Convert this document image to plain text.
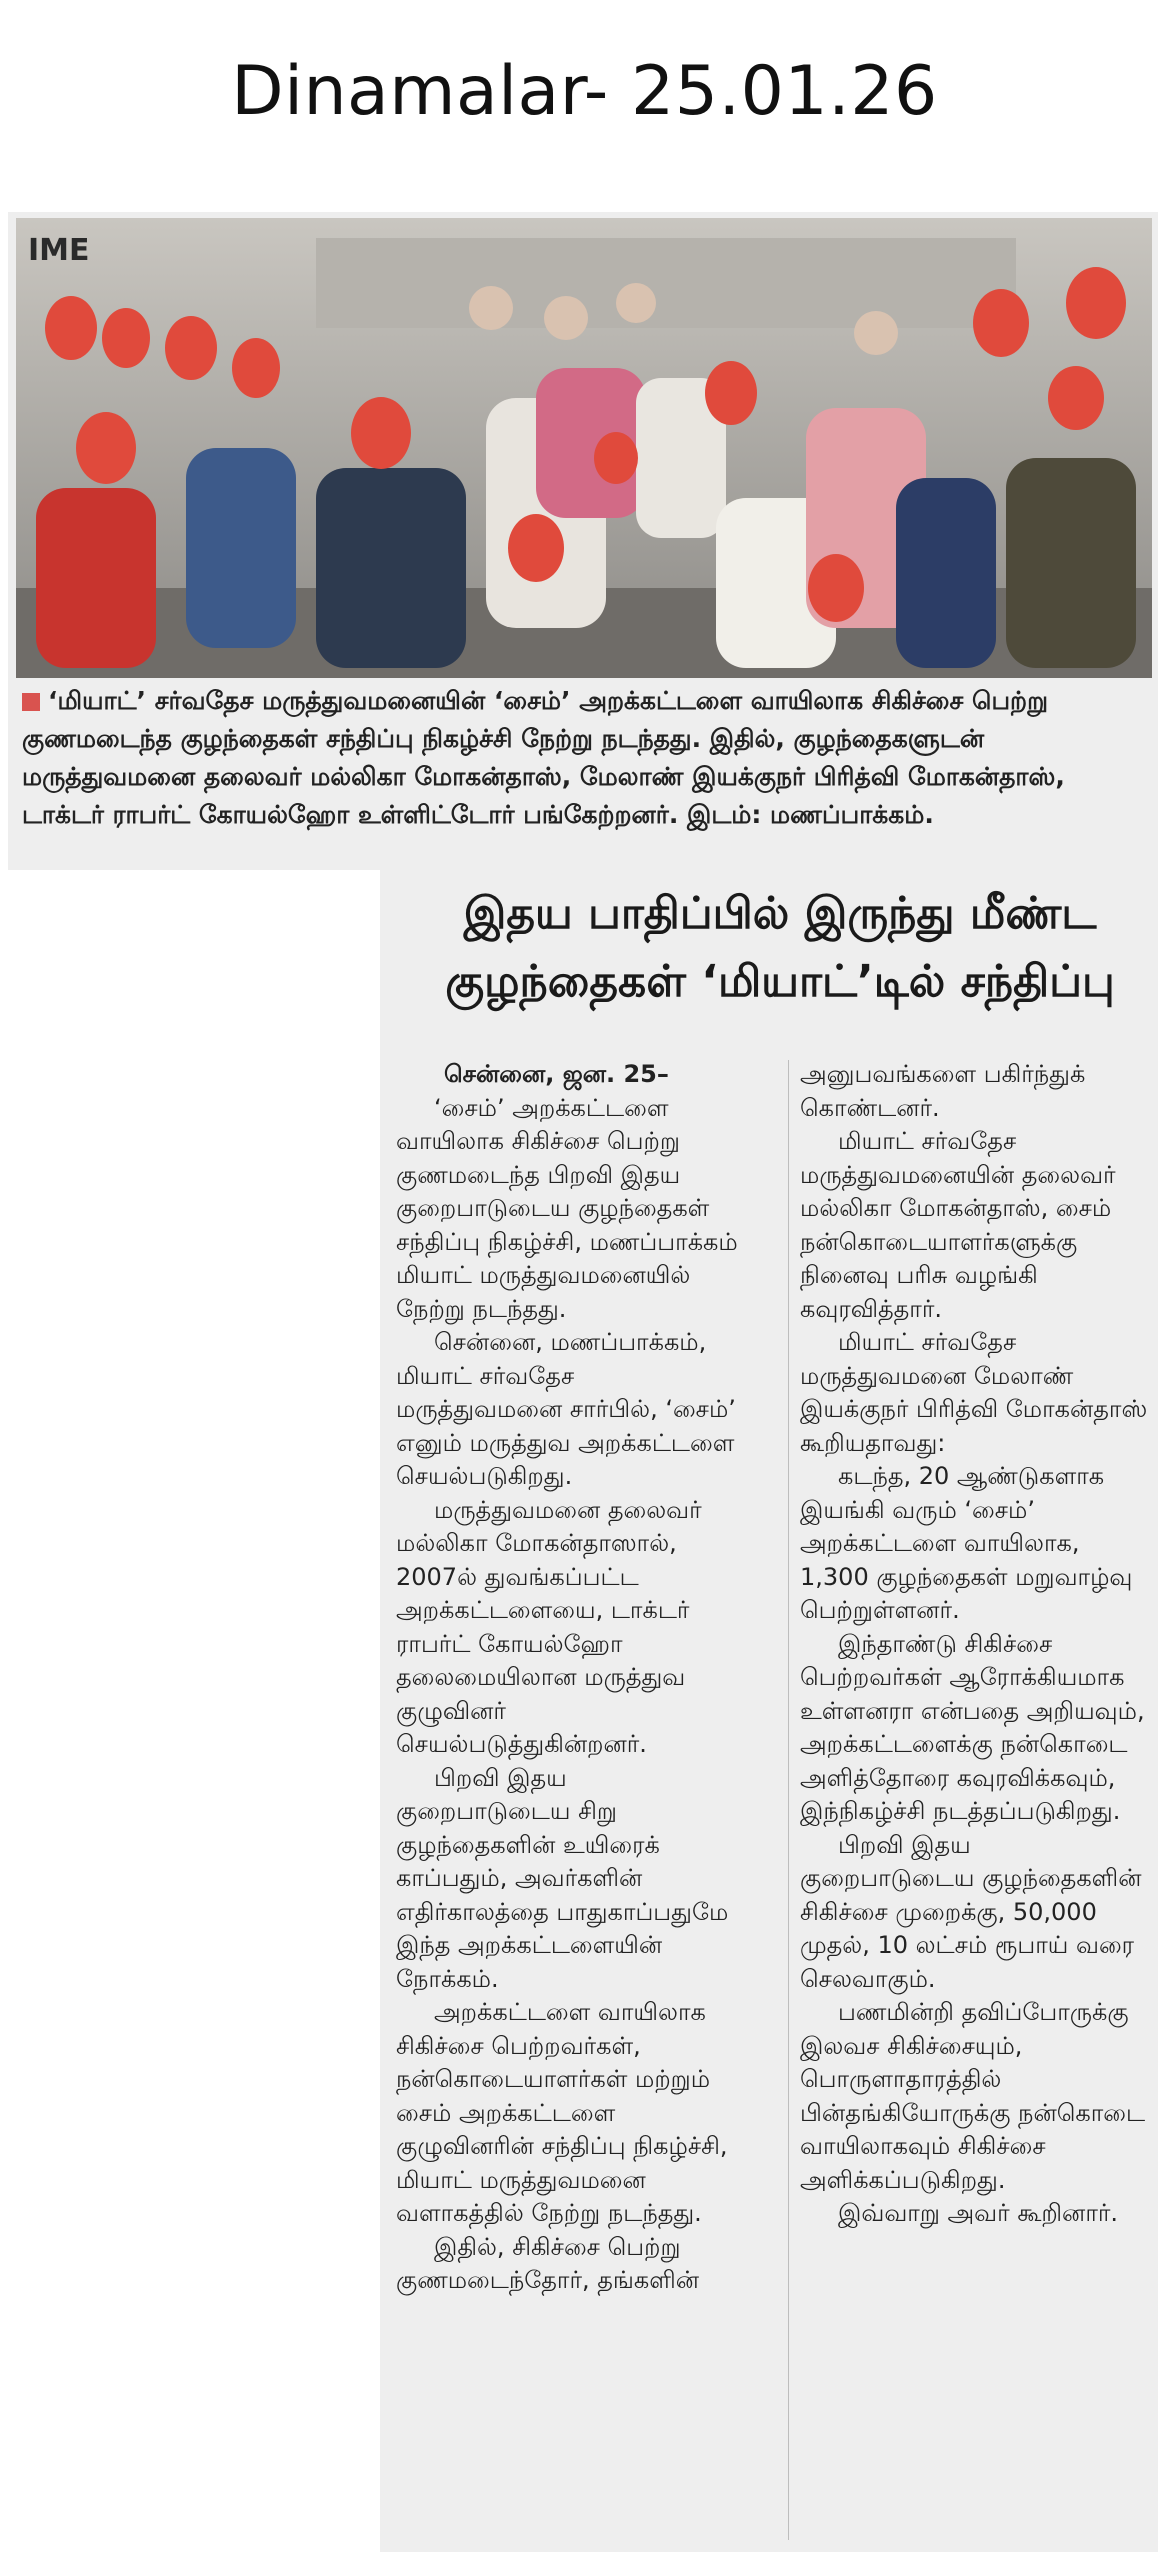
Dinamalar- 25.01.26
IME
‘மியாட்’ சர்வதேச மருத்துவமனையின் ‘சைம்’ அறக்கட்டளை வாயிலாக சிகிச்சை பெற்று குணமடைந்த குழந்தைகள் சந்திப்பு நிகழ்ச்சி நேற்று நடந்தது. இதில், குழந்தைகளுடன் மருத்துவமனை தலைவர் மல்லிகா மோகன்தாஸ், மேலாண் இயக்குநர் பிரித்வி மோகன்தாஸ், டாக்டர் ராபர்ட் கோயல்ஹோ உள்ளிட்டோர் பங்கேற்றனர். இடம்: மணப்பாக்கம்.
இதய பாதிப்பில் இருந்து மீண்ட
குழந்தைகள் ‘மியாட்’டில் சந்திப்பு
சென்னை, ஜன. 25–

‘சைம்’ அறக்கட்டளை வாயிலாக சிகிச்சை பெற்று குணமடைந்த பிறவி இதய குறைபாடுடைய குழந்தைகள் சந்திப்பு நிகழ்ச்சி, மணப்பாக்கம் மியாட் மருத்துவமனையில் நேற்று நடந்தது.

சென்னை, மணப்பாக்கம், மியாட் சர்வதேச மருத்துவமனை சார்பில், ‘சைம்’ எனும் மருத்துவ அறக்கட்டளை செயல்படுகிறது.

மருத்துவமனை தலைவர் மல்லிகா மோகன்தாஸால், 2007ல் துவங்கப்பட்ட அறக்கட்டளையை, டாக்டர் ராபர்ட் கோயல்ஹோ தலைமையிலான மருத்துவ குழுவினர் செயல்படுத்துகின்றனர்.

பிறவி இதய குறைபாடுடைய சிறு குழந்தைகளின் உயிரைக் காப்பதும், அவர்களின் எதிர்காலத்தை பாதுகாப்பதுமே இந்த அறக்கட்டளையின் நோக்கம்.

அறக்கட்டளை வாயிலாக சிகிச்சை பெற்றவர்கள், நன்கொடையாளர்கள் மற்றும் சைம் அறக்கட்டளை குழுவினரின் சந்திப்பு நிகழ்ச்சி, மியாட் மருத்துவமனை வளாகத்தில் நேற்று நடந்தது.

இதில், சிகிச்சை பெற்று குணமடைந்தோர், தங்களின்

அனுபவங்களை பகிர்ந்துக் கொண்டனர்.

மியாட் சர்வதேச மருத்துவமனையின் தலைவர் மல்லிகா மோகன்தாஸ், சைம் நன்கொடையாளர்களுக்கு நினைவு பரிசு வழங்கி கவுரவித்தார்.

மியாட் சர்வதேச மருத்துவமனை மேலாண் இயக்குநர் பிரித்வி மோகன்தாஸ் கூறியதாவது:

கடந்த, 20 ஆண்டுகளாக இயங்கி வரும் ‘சைம்’ அறக்கட்டளை வாயிலாக, 1,300 குழந்தைகள் மறுவாழ்வு பெற்றுள்ளனர்.

இந்தாண்டு சிகிச்சை பெற்றவர்கள் ஆரோக்கியமாக உள்ளனரா என்பதை அறியவும், அறக்கட்டளைக்கு நன்கொடை அளித்தோரை கவுரவிக்கவும், இந்நிகழ்ச்சி நடத்தப்படுகிறது.

பிறவி இதய குறைபாடுடைய குழந்தைகளின் சிகிச்சை முறைக்கு, 50,000 முதல், 10 லட்சம் ரூபாய் வரை செலவாகும்.

பணமின்றி தவிப்போருக்கு இலவச சிகிச்சையும், பொருளாதாரத்தில் பின்தங்கியோருக்கு நன்கொடை வாயிலாகவும் சிகிச்சை அளிக்கப்படுகிறது.

இவ்வாறு அவர் கூறினார்.
